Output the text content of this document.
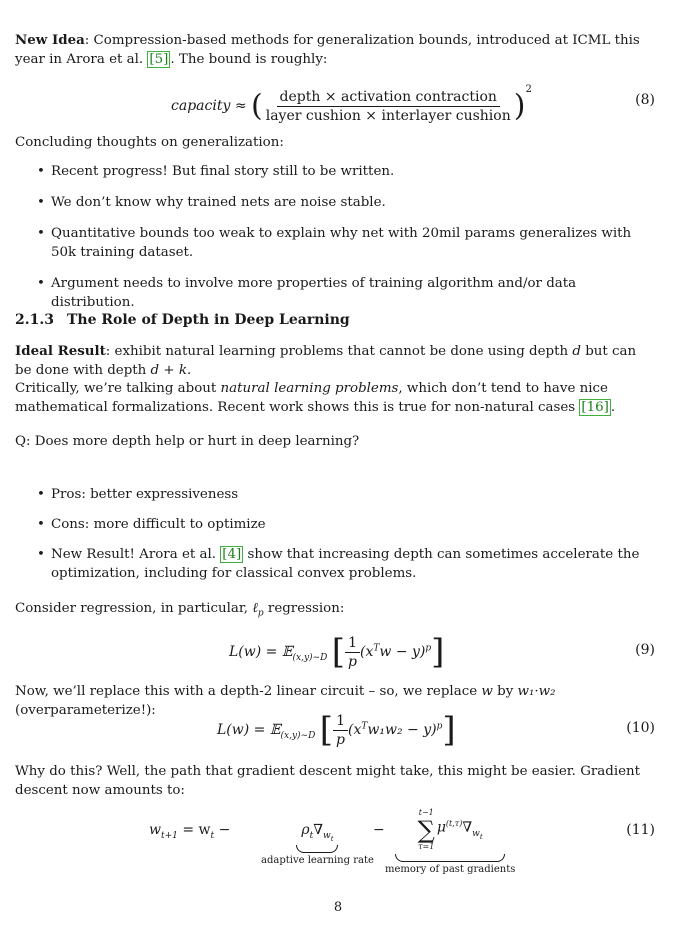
New Idea: Compression-based methods for generalization bounds, introduced at ICML this year in Arora et al. [5] . The bound is roughly:
capacity ≈ ( $\frac{\text{depth × activation contraction}}{\text{layer cushion × interlayer cushion}} )^2$
(8)
Concluding thoughts on generalization:
• Recent progress! But final story still to be written.
• We don’t know why trained nets are noise stable.
• Quantitative bounds too weak to explain why net with 20mil params generalizes with 50k training dataset.
• Argument needs to involve more properties of training algorithm and/or data distribution.
2.1.3 The Role of Depth in Deep Learning
Ideal Result: exhibit natural learning problems that cannot be done using depth d but can be done with depth d + k.
Critically, we’re talking about natural learning problems, which don’t tend to have nice mathematical formalizations. Recent work shows this is true for non-natural cases [16] .
Q: Does more depth help or hurt in deep learning?
• Pros: better expressiveness
• Cons: more difficult to optimize
• New Result! Arora et al. [4] show that increasing depth can sometimes accelerate the optimization, including for classical convex problems.
Consider regression, in particular, ℓ$_p$ regression:
L(w) = 𝔼$_{(x,y)\sim D}$ [ $\frac{1}{p} (x^Tw - y)^p$]	(9)
Now, we’ll replace this with a depth-2 linear circuit – so, we replace w by w₁·w₂ (overparameterize!):
L(w) = 𝔼$_{(x,y)\sim D}$ [ $\frac{1}{p} (x^Tw_1w_2 - y)^p$]	(10)
Why do this? Well, the path that gradient descent might take, this might be easier. Gradient descent now amounts to:
$w_{t+1} = w_t$ −	$\rho_t\nabla_{w_t}$
adaptive learning rate
−
t−1
∑
τ=1
$\mu^{(t,\tau)}\nabla_{w_t}$
memory of past gradients
(11)
8
